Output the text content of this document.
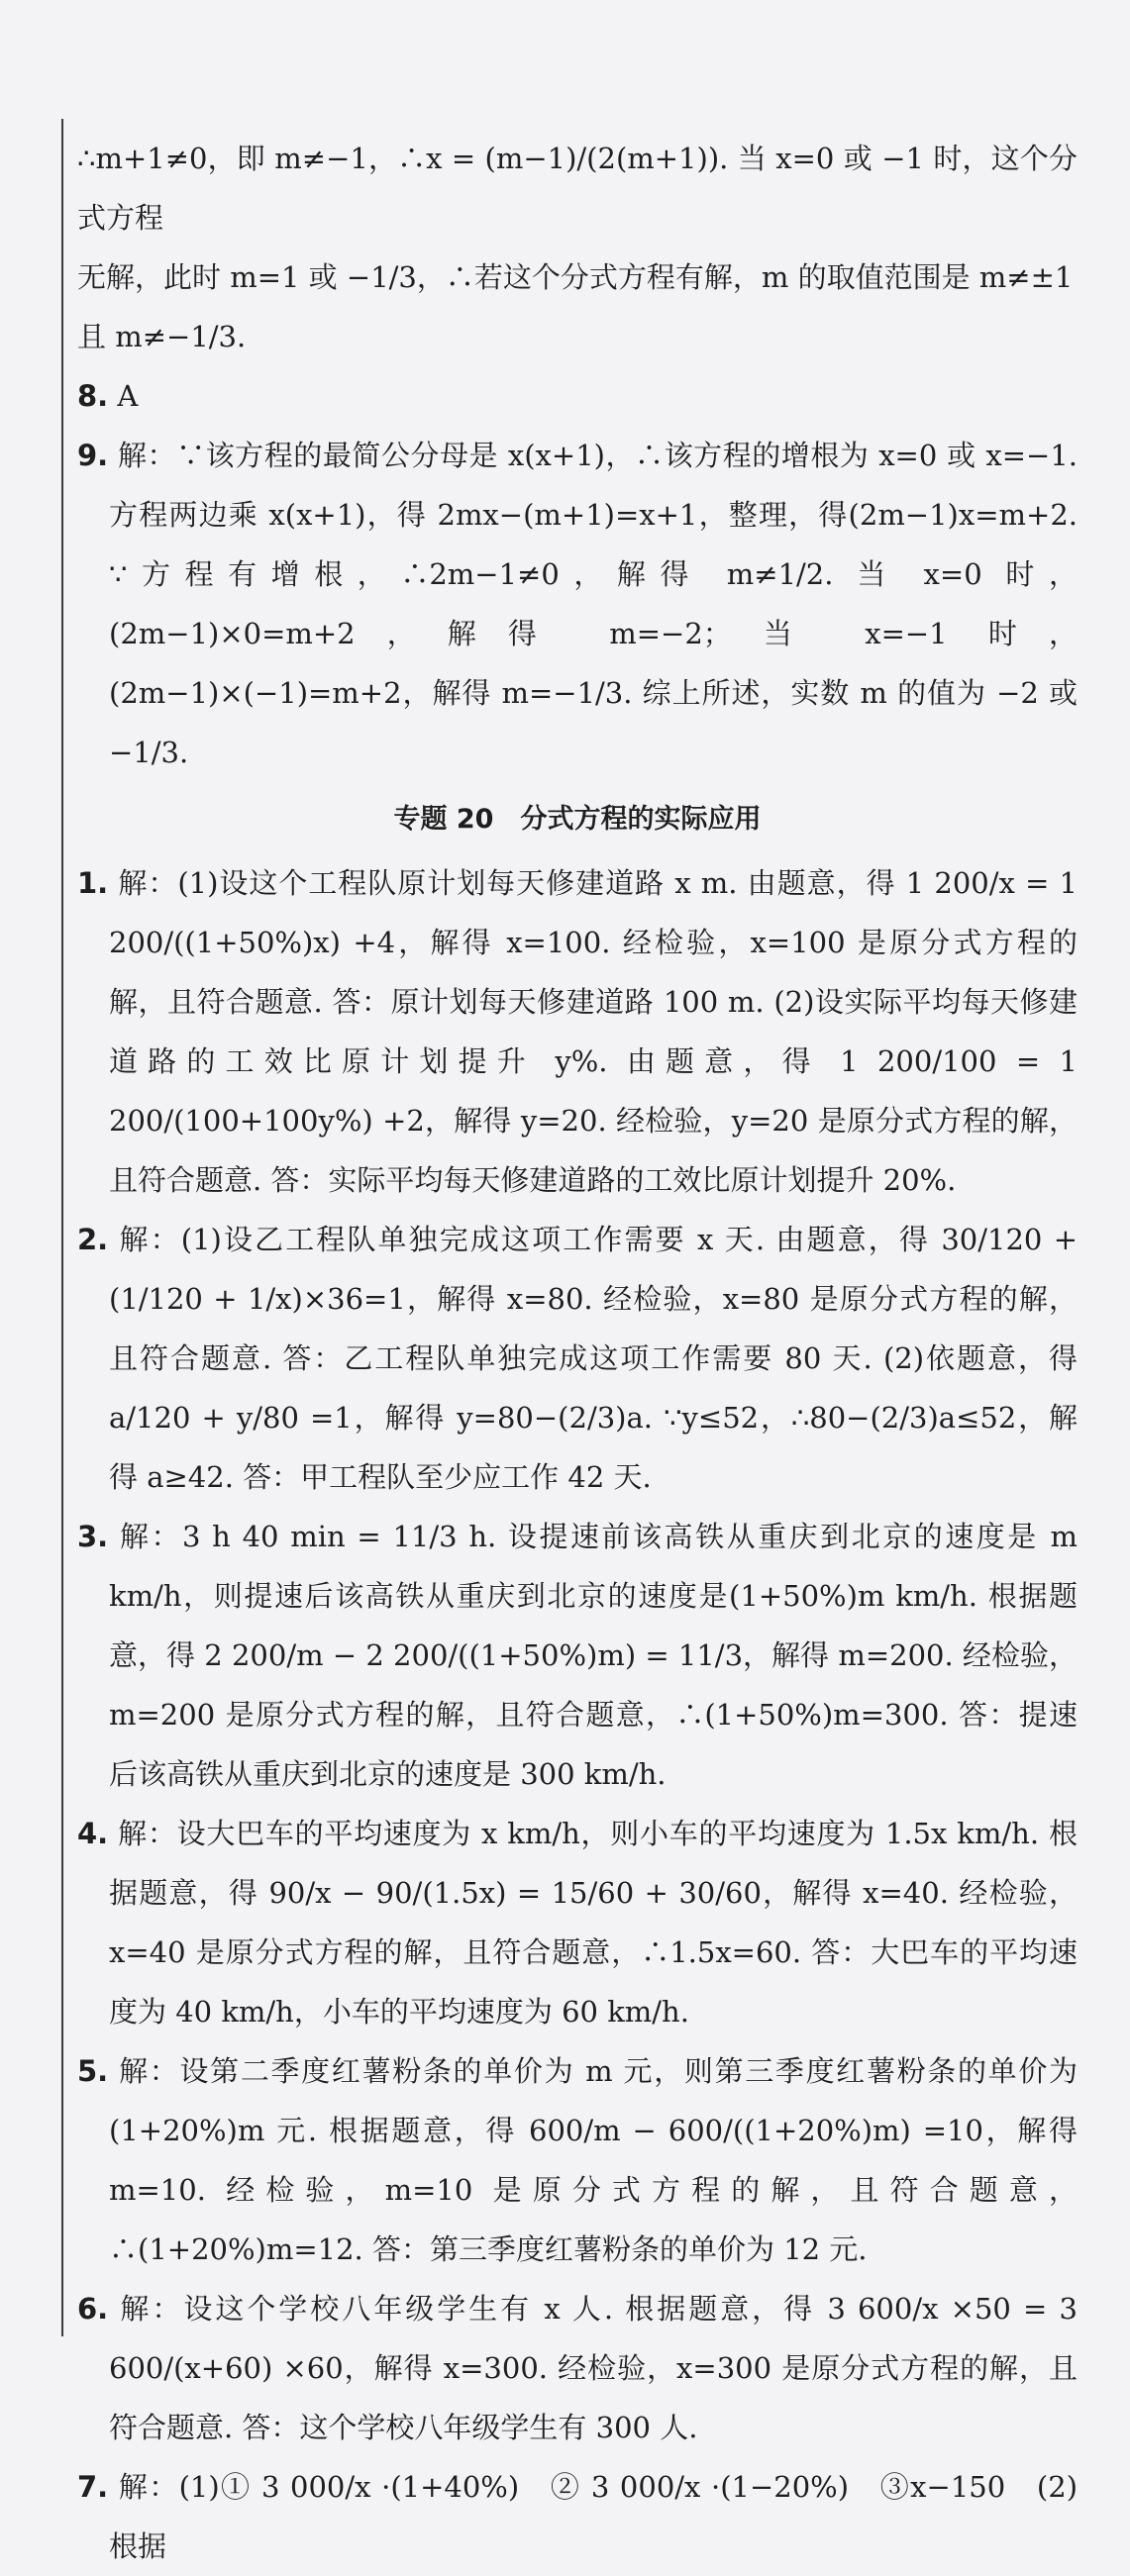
∴m+1≠0，即 m≠−1，∴x = (m−1)/(2(m+1)). 当 x=0 或 −1 时，这个分式方程

无解，此时 m=1 或 −1/3，∴若这个分式方程有解，m 的取值范围是 m≠±1

且 m≠−1/3.

8. A

9. 解：∵该方程的最简公分母是 x(x+1)，∴该方程的增根为 x=0 或 x=−1. 方程两边乘 x(x+1)，得 2mx−(m+1)=x+1，整理，得(2m−1)x=m+2. ∵方程有增根，∴2m−1≠0，解得 m≠1/2. 当 x=0 时，(2m−1)×0=m+2，解得 m=−2；当 x=−1 时，(2m−1)×(−1)=m+2，解得 m=−1/3. 综上所述，实数 m 的值为 −2 或 −1/3.

专题 20　分式方程的实际应用

1. 解：(1)设这个工程队原计划每天修建道路 x m. 由题意，得 1 200/x = 1 200/((1+50%)x) +4，解得 x=100. 经检验，x=100 是原分式方程的解，且符合题意. 答：原计划每天修建道路 100 m. (2)设实际平均每天修建道路的工效比原计划提升 y%. 由题意，得 1 200/100 = 1 200/(100+100y%) +2，解得 y=20. 经检验，y=20 是原分式方程的解，且符合题意. 答：实际平均每天修建道路的工效比原计划提升 20%.

2. 解：(1)设乙工程队单独完成这项工作需要 x 天. 由题意，得 30/120 + (1/120 + 1/x)×36=1，解得 x=80. 经检验，x=80 是原分式方程的解，且符合题意. 答：乙工程队单独完成这项工作需要 80 天. (2)依题意，得 a/120 + y/80 =1，解得 y=80−(2/3)a. ∵y≤52，∴80−(2/3)a≤52，解得 a≥42. 答：甲工程队至少应工作 42 天.

3. 解：3 h 40 min = 11/3 h. 设提速前该高铁从重庆到北京的速度是 m km/h，则提速后该高铁从重庆到北京的速度是(1+50%)m km/h. 根据题意，得 2 200/m − 2 200/((1+50%)m) = 11/3，解得 m=200. 经检验，m=200 是原分式方程的解，且符合题意，∴(1+50%)m=300. 答：提速后该高铁从重庆到北京的速度是 300 km/h.

4. 解：设大巴车的平均速度为 x km/h，则小车的平均速度为 1.5x km/h. 根据题意，得 90/x − 90/(1.5x) = 15/60 + 30/60，解得 x=40. 经检验，x=40 是原分式方程的解，且符合题意，∴1.5x=60. 答：大巴车的平均速度为 40 km/h，小车的平均速度为 60 km/h.

5. 解：设第二季度红薯粉条的单价为 m 元，则第三季度红薯粉条的单价为(1+20%)m 元. 根据题意，得 600/m − 600/((1+20%)m) =10，解得 m=10. 经检验，m=10 是原分式方程的解，且符合题意，∴(1+20%)m=12. 答：第三季度红薯粉条的单价为 12 元.

6. 解：设这个学校八年级学生有 x 人. 根据题意，得 3 600/x ×50 = 3 600/(x+60) ×60，解得 x=300. 经检验，x=300 是原分式方程的解，且符合题意. 答：这个学校八年级学生有 300 人.

7. 解：(1)① 3 000/x ·(1+40%)　② 3 000/x ·(1−20%)　③x−150　(2)根据
